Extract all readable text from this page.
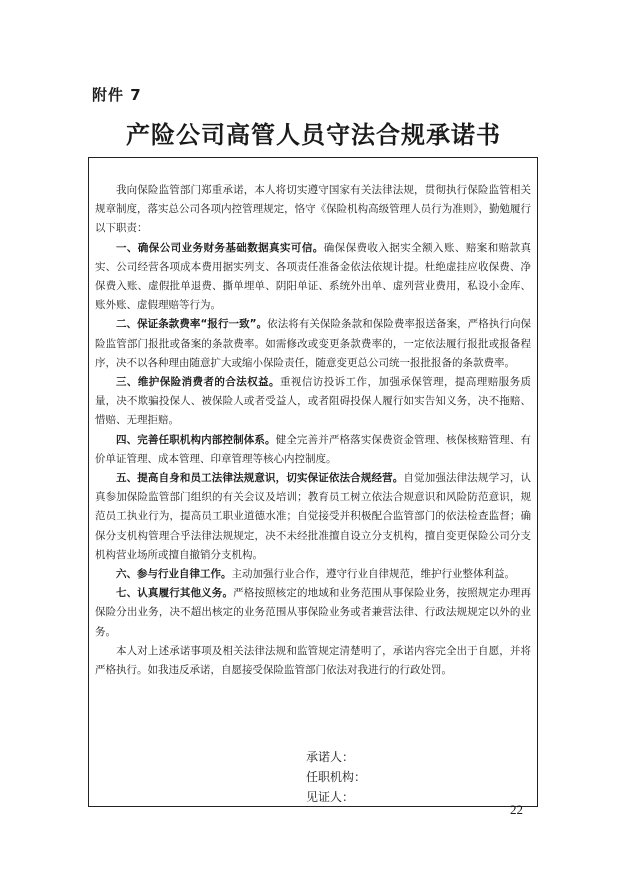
附件 7
产险公司高管人员守法合规承诺书

我向保险监管部门郑重承诺，本人将切实遵守国家有关法律法规，贯彻执行保险监管相关规章制度，落实总公司各项内控管理规定，恪守《保险机构高级管理人员行为准则》，勤勉履行以下职责：

一、确保公司业务财务基础数据真实可信。确保保费收入据实全额入账、赔案和赔款真实、公司经营各项成本费用据实列支、各项责任准备金依法依规计提。杜绝虚挂应收保费、净保费入账、虚假批单退费、撕单埋单、阴阳单证、系统外出单、虚列营业费用，私设小金库、账外账、虚假理赔等行为。

二、保证条款费率“报行一致”。依法将有关保险条款和保险费率报送备案，严格执行向保险监管部门报批或备案的条款费率。如需修改或变更条款费率的，一定依法履行报批或报备程序，决不以各种理由随意扩大或缩小保险责任，随意变更总公司统一报批报备的条款费率。

三、维护保险消费者的合法权益。重视信访投诉工作，加强承保管理，提高理赔服务质量，决不欺骗投保人、被保险人或者受益人，或者阻碍投保人履行如实告知义务，决不拖赔、惜赔、无理拒赔。

四、完善任职机构内部控制体系。健全完善并严格落实保费资金管理、核保核赔管理、有价单证管理、成本管理、印章管理等核心内控制度。

五、提高自身和员工法律法规意识，切实保证依法合规经营。自觉加强法律法规学习，认真参加保险监管部门组织的有关会议及培训；教育员工树立依法合规意识和风险防范意识，规范员工执业行为，提高员工职业道德水准；自觉接受并积极配合监管部门的依法检查监督；确保分支机构管理合乎法律法规规定，决不未经批准擅自设立分支机构，擅自变更保险公司分支机构营业场所或擅自撤销分支机构。

六、参与行业自律工作。主动加强行业合作，遵守行业自律规范，维护行业整体利益。

七、认真履行其他义务。严格按照核定的地域和业务范围从事保险业务，按照规定办理再保险分出业务，决不超出核定的业务范围从事保险业务或者兼营法律、行政法规规定以外的业务。

本人对上述承诺事项及相关法律法规和监管规定清楚明了，承诺内容完全出于自愿，并将严格执行。如我违反承诺，自愿接受保险监管部门依法对我进行的行政处罚。

承诺人：
任职机构：
见证人：
22
